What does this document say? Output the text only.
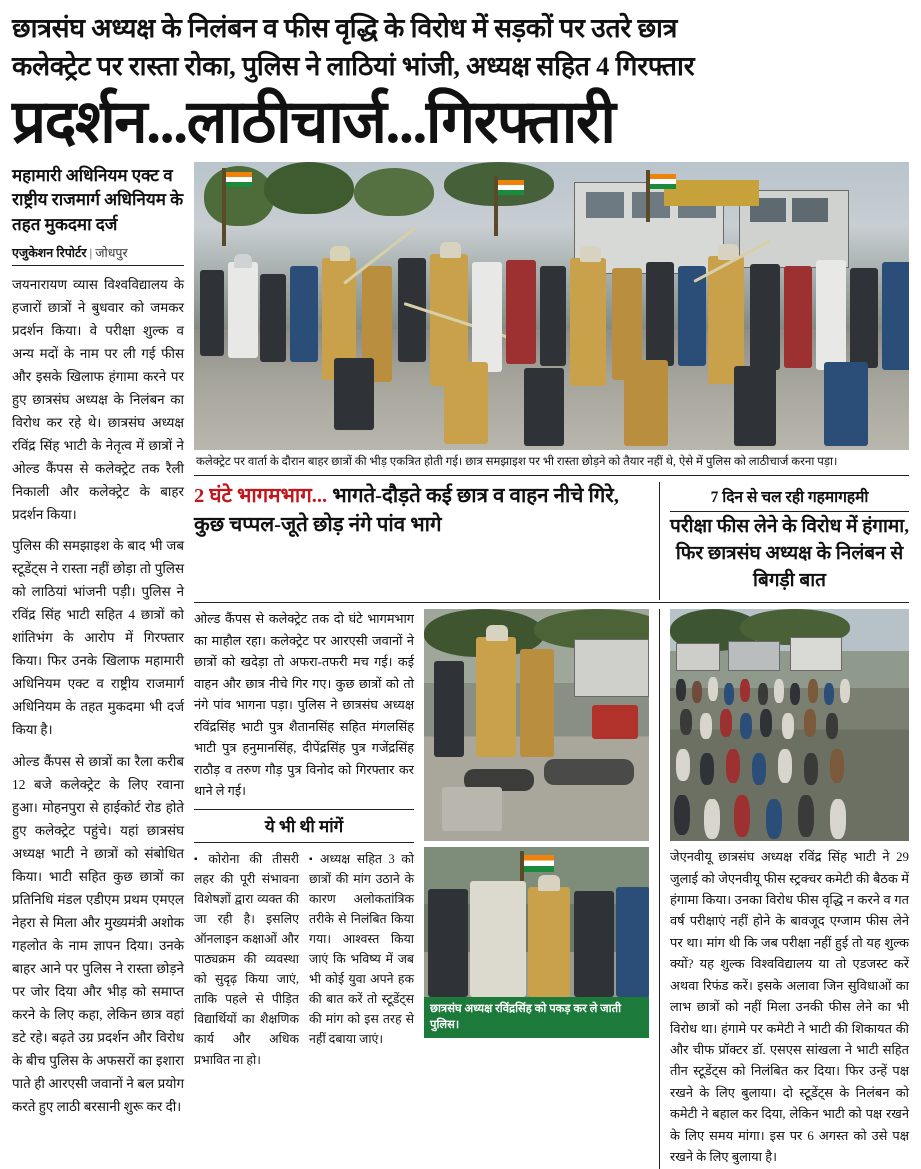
छात्रसंघ अध्यक्ष के निलंबन व फीस वृद्धि के विरोध में सड़कों पर उतरे छात्र
कलेक्ट्रेट पर रास्ता रोका, पुलिस ने लाठियां भांजी, अध्यक्ष सहित 4 गिरफ्तार
प्रदर्शन...लाठीचार्ज...गिरफ्तारी
महामारी अधिनियम एक्ट व राष्ट्रीय राजमार्ग अधिनियम के तहत मुकदमा दर्ज
एजुकेशन रिपोर्टर | जोधपुर

जयनारायण व्यास विश्वविद्यालय के हजारों छात्रों ने बुधवार को जमकर प्रदर्शन किया। वे परीक्षा शुल्क व अन्य मदों के नाम पर ली गई फीस और इसके खिलाफ हंगामा करने पर हुए छात्रसंघ अध्यक्ष के निलंबन का विरोध कर रहे थे। छात्रसंघ अध्यक्ष रविंद्र सिंह भाटी के नेतृत्व में छात्रों ने ओल्ड कैंपस से कलेक्ट्रेट तक रैली निकाली और कलेक्ट्रेट के बाहर प्रदर्शन किया।

पुलिस की समझाइश के बाद भी जब स्टूडेंट्स ने रास्ता नहीं छोड़ा तो पुलिस को लाठियां भांजनी पड़ी। पुलिस ने रविंद्र सिंह भाटी सहित 4 छात्रों को शांतिभंग के आरोप में गिरफ्तार किया। फिर उनके खिलाफ महामारी अधिनियम एक्ट व राष्ट्रीय राजमार्ग अधिनियम के तहत मुकदमा भी दर्ज किया है।

ओल्ड कैंपस से छात्रों का रैला करीब 12 बजे कलेक्ट्रेट के लिए रवाना हुआ। मोहनपुरा से हाईकोर्ट रोड होते हुए कलेक्ट्रेट पहुंचे। यहां छात्रसंघ अध्यक्ष भाटी ने छात्रों को संबोधित किया। भाटी सहित कुछ छात्रों का प्रतिनिधि मंडल एडीएम प्रथम एमएल नेहरा से मिला और मुख्यमंत्री अशोक गहलोत के नाम ज्ञापन दिया। उनके बाहर आने पर पुलिस ने रास्ता छोड़ने पर जोर दिया और भीड़ को समाप्त करने के लिए कहा, लेकिन छात्र वहां डटे रहे। बढ़ते उग्र प्रदर्शन और विरोध के बीच पुलिस के अफसरों का इशारा पाते ही आरएसी जवानों ने बल प्रयोग करते हुए लाठी बरसानी शुरू कर दी।

कलेक्ट्रेट पर वार्ता के दौरान बाहर छात्रों की भीड़ एकत्रित होती गई। छात्र समझाइश पर भी रास्ता छोड़ने को तैयार नहीं थे, ऐसे में पुलिस को लाठीचार्ज करना पड़ा।
2 घंटे भागमभाग... भागते-दौड़ते कई छात्र व वाहन नीचे गिरे, कुछ चप्पल-जूते छोड़ नंगे पांव भागे
7 दिन से चल रही गहमागहमी
परीक्षा फीस लेने के विरोध में हंगामा, फिर छात्रसंघ अध्यक्ष के निलंबन से बिगड़ी बात
ओल्ड कैंपस से कलेक्ट्रेट तक दो घंटे भागमभाग का माहौल रहा। कलेक्ट्रेट पर आरएसी जवानों ने छात्रों को खदेड़ा तो अफरा-तफरी मच गई। कई वाहन और छात्र नीचे गिर गए। कुछ छात्रों को तो नंगे पांव भागना पड़ा। पुलिस ने छात्रसंघ अध्यक्ष रविंद्रसिंह भाटी पुत्र शैतानसिंह सहित मंगलसिंह भाटी पुत्र हनुमानसिंह, दीपेंद्रसिंह पुत्र गजेंद्रसिंह राठौड़ व तरुण गौड़ पुत्र विनोद को गिरफ्तार कर थाने ले गई।
ये भी थी मांगें
▪ कोरोना की तीसरी लहर की पूरी संभावना विशेषज्ञों द्वारा व्यक्त की जा रही है। इसलिए ऑनलाइन कक्षाओं और पाठ्यक्रम की व्यवस्था को सुदृढ़ किया जाएं, ताकि पहले से पीड़ित विद्यार्थियों का शैक्षणिक कार्य और अधिक प्रभावित ना हो।
▪ अध्यक्ष सहित 3 को छात्रों की मांग उठाने के कारण अलोकतांत्रिक तरीके से निलंबित किया गया। आश्वस्त किया जाएं कि भविष्य में जब भी कोई युवा अपने हक की बात करें तो स्टूडेंट्स की मांग को इस तरह से नहीं दबाया जाएं।
छात्रसंघ अध्यक्ष रविंद्रसिंह को पकड़ कर ले जाती पुलिस।
जेएनवीयू छात्रसंघ अध्यक्ष रविंद्र सिंह भाटी ने 29 जुलाई को जेएनवीयू फीस स्ट्रक्चर कमेटी की बैठक में हंगामा किया। उनका विरोध फीस वृद्धि न करने व गत वर्ष परीक्षाएं नहीं होने के बावजूद एग्जाम फीस लेने पर था। मांग थी कि जब परीक्षा नहीं हुई तो यह शुल्क क्यों? यह शुल्क विश्वविद्यालय या तो एडजस्ट करें अथवा रिफंड करें। इसके अलावा जिन सुविधाओं का लाभ छात्रों को नहीं मिला उनकी फीस लेने का भी विरोध था। हंगामे पर कमेटी ने भाटी की शिकायत की और चीफ प्रॉक्टर डॉ. एसएस सांखला ने भाटी सहित तीन स्टूडेंट्स को निलंबित कर दिया। फिर उन्हें पक्ष रखने के लिए बुलाया। दो स्टूडेंट्स के निलंबन को कमेटी ने बहाल कर दिया, लेकिन भाटी को पक्ष रखने के लिए समय मांगा। इस पर 6 अगस्त को उसे पक्ष रखने के लिए बुलाया है।
